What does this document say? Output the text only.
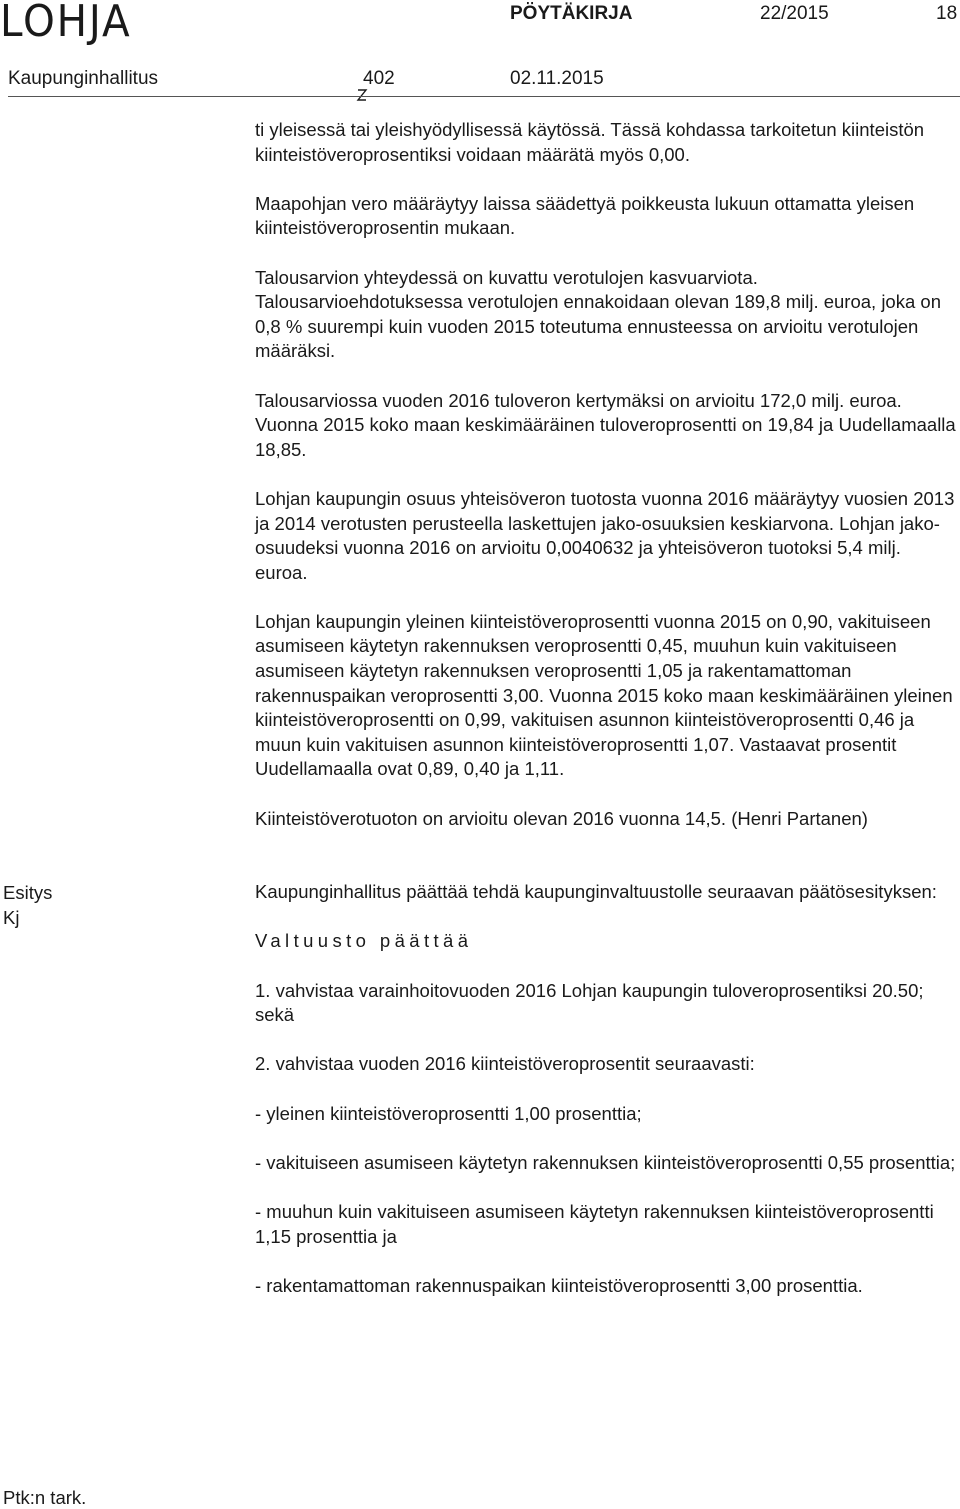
LOHJA	PÖYTÄKIRJA	22/2015	18
Kaupunginhallitus	402	02.11.2015
Esitys
Kj

ti yleisessä tai yleishyödyllisessä käytössä. Tässä kohdassa tarkoitetun kiinteistön kiinteistöveroprosentiksi voidaan määrätä myös 0,00.

Maapohjan vero määräytyy laissa säädettyä poikkeusta lukuun ottamatta yleisen kiinteistöveroprosentin mukaan.

Talousarvion yhteydessä on kuvattu verotulojen kasvuarviota. Talousarvioehdotuksessa verotulojen ennakoidaan olevan 189,8 milj. euroa, joka on 0,8 % suurempi kuin vuoden 2015 toteutuma ennusteessa on arvioitu verotulojen määräksi.

Talousarviossa vuoden 2016 tuloveron kertymäksi on arvioitu 172,0 milj. euroa. Vuonna 2015 koko maan keskimääräinen tuloveroprosentti on 19,84 ja Uudellamaalla 18,85.

Lohjan kaupungin osuus yhteisöveron tuotosta vuonna 2016 määräytyy vuosien 2013 ja 2014 verotusten perusteella laskettujen jako-osuuksien keskiarvona. Lohjan jako-osuudeksi vuonna 2016 on arvioitu 0,0040632 ja yhteisöveron tuotoksi 5,4 milj. euroa.

Lohjan kaupungin yleinen kiinteistöveroprosentti vuonna 2015 on 0,90, vakituiseen asumiseen käytetyn rakennuksen veroprosentti 0,45, muuhun kuin vakituiseen asumiseen käytetyn rakennuksen veroprosentti 1,05 ja rakentamattoman rakennuspaikan veroprosentti 3,00. Vuonna 2015 koko maan keskimääräinen yleinen kiinteistöveroprosentti on 0,99, vakituisen asunnon kiinteistöveroprosentti 0,46 ja muun kuin vakituisen asunnon kiinteistöveroprosentti 1,07. Vastaavat prosentit Uudellamaalla ovat 0,89, 0,40 ja 1,11.

Kiinteistöverotuoton on arvioitu olevan 2016 vuonna 14,5. (Henri Partanen)

Kaupunginhallitus päättää tehdä kaupunginvaltuustolle seuraavan päätösesityksen:

Valtuusto päättää

1. vahvistaa varainhoitovuoden 2016 Lohjan kaupungin tuloveroprosentiksi 20.50; sekä

2. vahvistaa vuoden 2016 kiinteistöveroprosentit seuraavasti:

- yleinen kiinteistöveroprosentti 1,00 prosenttia;

- vakituiseen asumiseen käytetyn rakennuksen kiinteistöveroprosentti 0,55 prosenttia;

- muuhun kuin vakituiseen asumiseen käytetyn rakennuksen kiinteistöveroprosentti 1,15 prosenttia ja

- rakentamattoman rakennuspaikan kiinteistöveroprosentti 3,00 prosenttia.

Ptk:n tark.
